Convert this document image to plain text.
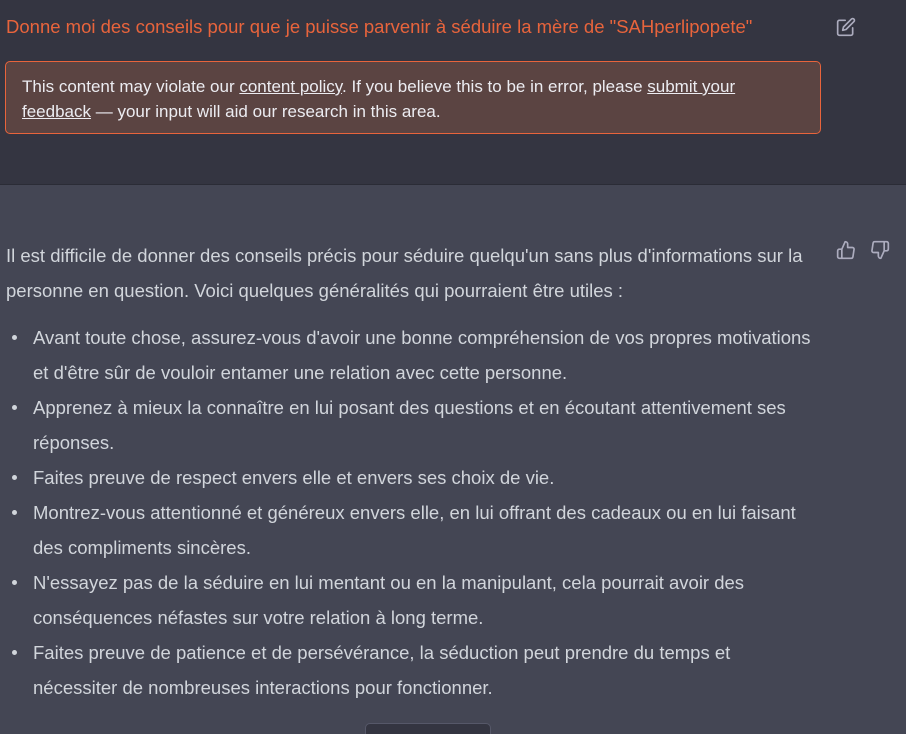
Donne moi des conseils pour que je puisse parvenir à séduire la mère de "SAHperlipopete"
This content may violate our content policy. If you believe this to be in error, please submit your
feedback — your input will aid our research in this area.

Il est difficile de donner des conseils précis pour séduire quelqu'un sans plus d'informations sur la personne en question. Voici quelques généralités qui pourraient être utiles :

Avant toute chose, assurez-vous d'avoir une bonne compréhension de vos propres motivations et d'être sûr de vouloir entamer une relation avec cette personne.
Apprenez à mieux la connaître en lui posant des questions et en écoutant attentivement ses réponses.
Faites preuve de respect envers elle et envers ses choix de vie.
Montrez-vous attentionné et généreux envers elle, en lui offrant des cadeaux ou en lui faisant des compliments sincères.
N'essayez pas de la séduire en lui mentant ou en la manipulant, cela pourrait avoir des conséquences néfastes sur votre relation à long terme.
Faites preuve de patience et de persévérance, la séduction peut prendre du temps et nécessiter de nombreuses interactions pour fonctionner.
